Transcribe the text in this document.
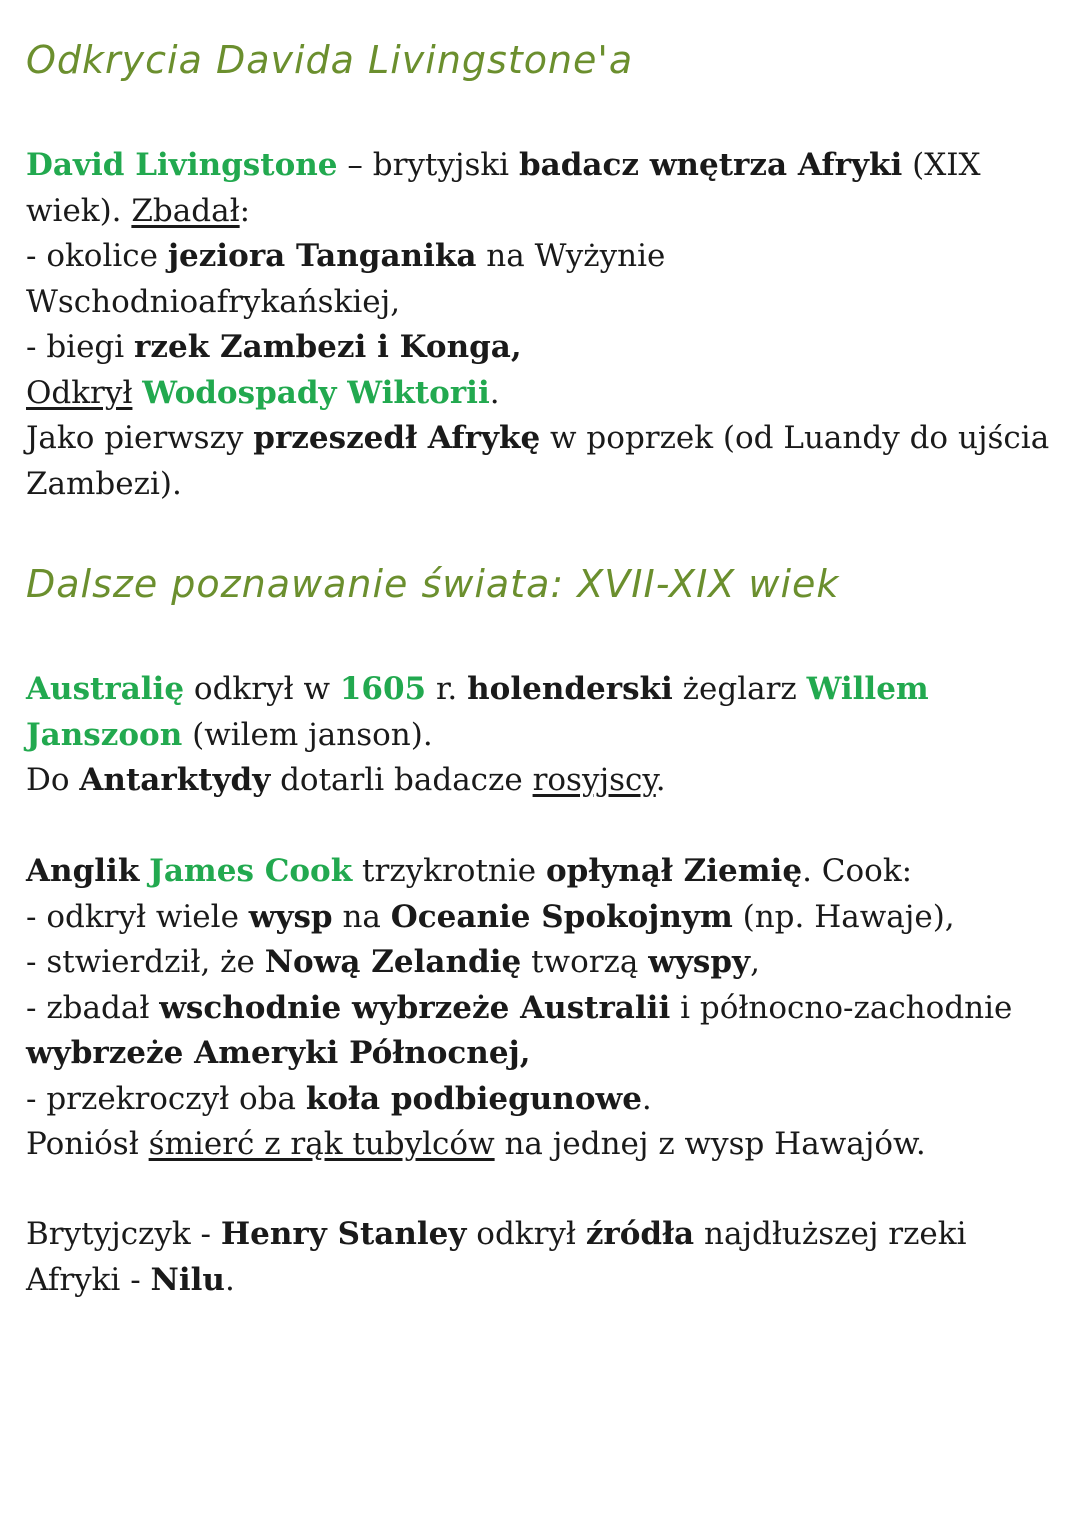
Odkrycia Davida Livingstone'a
David Livingstone – brytyjski badacz wnętrza Afryki (XIX
wiek). Zbadał:
- okolice jeziora Tanganika na Wyżynie
Wschodnioafrykańskiej,
- biegi rzek Zambezi i Konga,
Odkrył Wodospady Wiktorii.
Jako pierwszy przeszedł Afrykę w poprzek (od Luandy do ujścia
Zambezi).
Dalsze poznawanie świata: XVII-XIX wiek
Australię odkrył w 1605 r. holenderski żeglarz Willem
Janszoon (wilem janson).
Do Antarktydy dotarli badacze rosyjscy.
Anglik James Cook trzykrotnie opłynął Ziemię. Cook:
- odkrył wiele wysp na Oceanie Spokojnym (np. Hawaje),
- stwierdził, że Nową Zelandię tworzą wyspy,
- zbadał wschodnie wybrzeże Australii i północno-zachodnie
wybrzeże Ameryki Północnej,
- przekroczył oba koła podbiegunowe.
Poniósł śmierć z rąk tubylców na jednej z wysp Hawajów.
Brytyjczyk - Henry Stanley odkrył źródła najdłuższej rzeki
Afryki - Nilu.
